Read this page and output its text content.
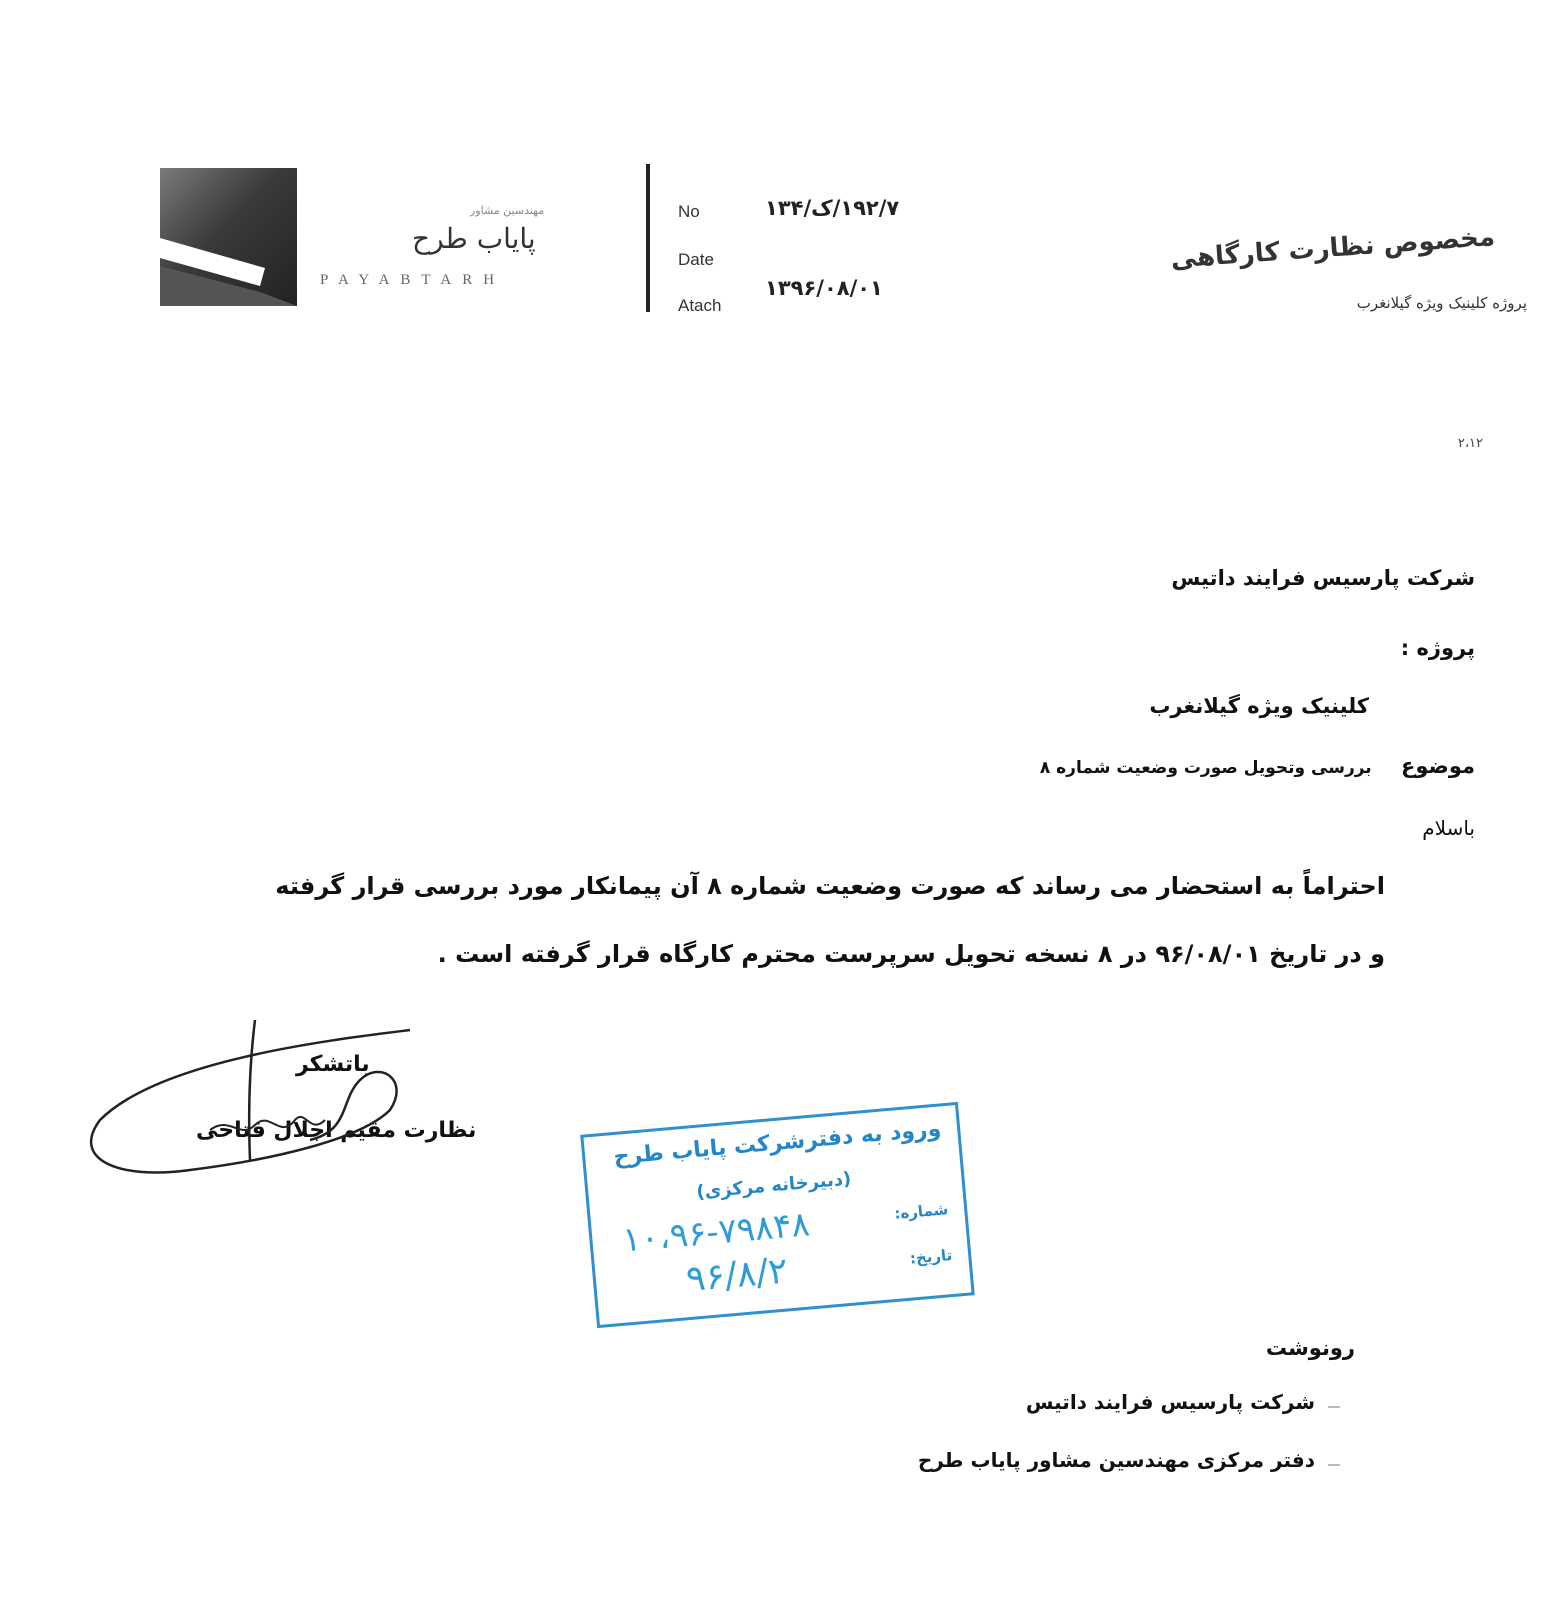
مهندسین مشاور
پایاب طرح
PAYABTARH
No
Date
Atach
۱۹۲/۷/ک/۱۳۴
۱۳۹۶/۰۸/۰۱
مخصوص نظارت کارگاهی
پروژه کلینیک ویژه گیلانغرب
۲،۱۲
شرکت پارسیس فرایند داتیس
پروژه :
کلینیک ویژه گیلانغرب
موضوع بررسی وتحویل صورت وضعیت شماره ۸
باسلام
احتراماً به استحضار می رساند که صورت وضعیت شماره ۸ آن پیمانکار مورد بررسی قرار گرفته
و در تاریخ ۹۶/۰۸/۰۱ در ۸ نسخه تحویل سرپرست محترم کارگاه قرار گرفته است .
باتشکر
نظارت مقیم اجلال فتاحی	ورود به دفترشرکت پایاب طرح
(دبیرخانه مرکزی)
شماره:
۱۰،۹۶-۷۹۸۴۸	تاریخ:
۹۶/۸/۲
رونوشت
شرکت پارسیس فرایند داتیس
دفتر مرکزی مهندسین مشاور پایاب طرح
